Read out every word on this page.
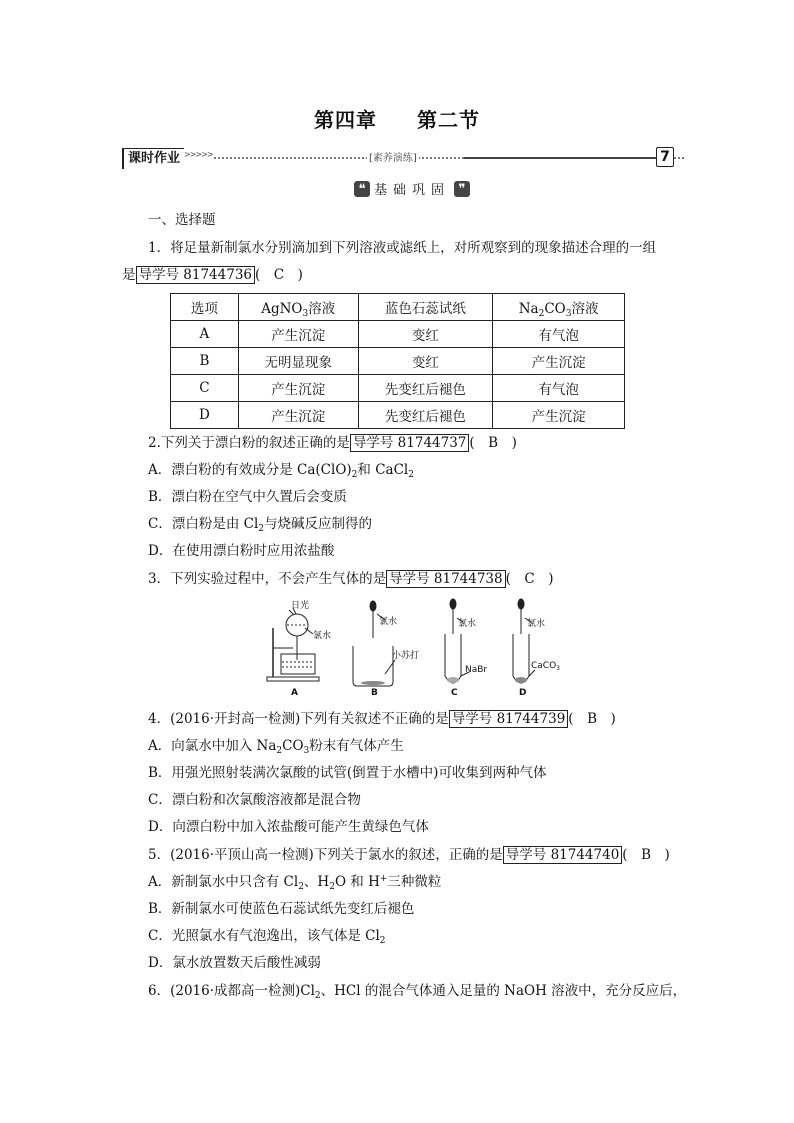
第四章 第二节
课时作业 >>>>>	[素养演练]	7
❝ 基础巩固 ❞
一、选择题
1．将足量新制氯水分别滴加到下列溶液或滤纸上，对所观察到的现象描述合理的一组
是 导学号 81744736 (　C　)
选项	AgNO$_3$溶液	蓝色石蕊试纸	$Na_2CO_3$溶液
A	产生沉淀	变红	有气泡
B	无明显现象	变红	产生沉淀
C	产生沉淀	先变红后褪色	有气泡
D	产生沉淀	先变红后褪色	产生沉淀
2.下列关于漂白粉的叙述正确的是 导学号 81744737 (　B　)
A．漂白粉的有效成分是 $Ca(ClO)_2$和 CaCl$_2$
B．漂白粉在空气中久置后会变质
C．漂白粉是由 $Cl_2$与烧碱反应制得的
D．在使用漂白粉时应用浓盐酸
3．下列实验过程中，不会产生气体的是 导学号 81744738 (　C　)
日光
氯水
氯水
小苏打
氯水
NaBr
氯水
CaCO$_3$
A	B	C	D
4．(2016·开封高一检测)下列有关叙述不正确的是 导学号 81744739 (　B　)
A．向氯水中加入 $Na_2CO_3$粉末有气体产生
B．用强光照射装满次氯酸的试管(倒置于水槽中)可收集到两种气体
C．漂白粉和次氯酸溶液都是混合物
D．向漂白粉中加入浓盐酸可能产生黄绿色气体
5．(2016·平顶山高一检测)下列关于氯水的叙述，正确的是 导学号 81744740 (　B　)
A．新制氯水中只含有 $Cl_2$、$H_2O$ 和 H+三种微粒
B．新制氯水可使蓝色石蕊试纸先变红后褪色
C．光照氯水有气泡逸出，该气体是 $Cl_2$
D．氯水放置数天后酸性减弱
6．(2016·成都高一检测)$Cl_2$、HCl 的混合气体通入足量的 NaOH 溶液中，充分反应后，
